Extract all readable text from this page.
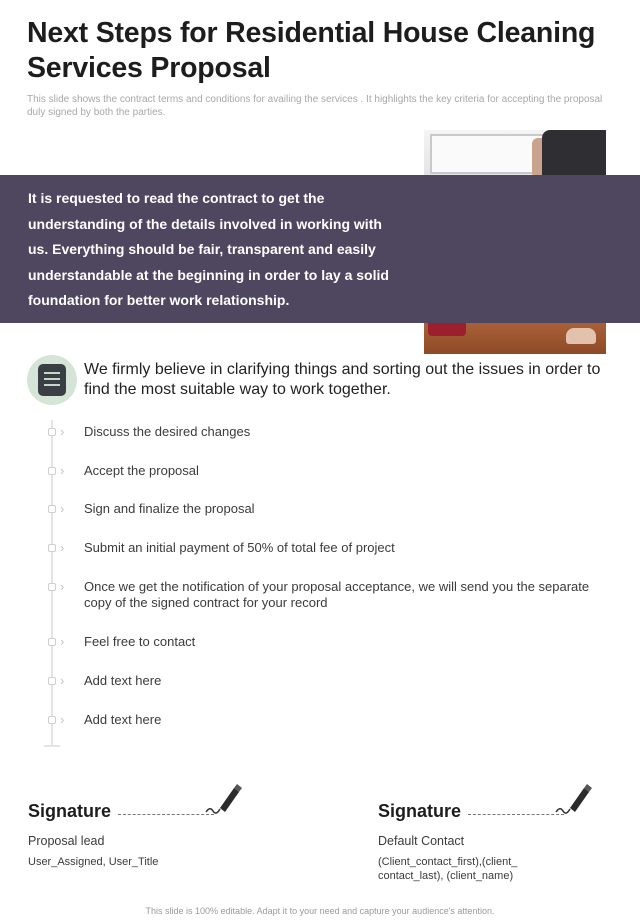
Next Steps for Residential House Cleaning Services Proposal
This slide shows the contract terms and conditions for availing the services . It highlights the key criteria for accepting the proposal duly signed by both the parties.
It is requested to read the contract to get the understanding of the details involved in working with us. Everything should be fair, transparent and easily understandable at the beginning in order to lay a solid foundation for better work relationship.
We firmly believe in clarifying things and sorting out the issues in order to find the most suitable way to work together.
› Discuss the desired changes
› Accept the proposal
› Sign and finalize the proposal
› Submit an initial payment of 50% of total fee of project
› Once we get the notification of your proposal acceptance, we will send you the separate copy of the signed contract for your record
› Feel free to contact
› Add text here
› Add text here
Signature
Proposal lead
User_Assigned, User_Title
Signature
Default Contact
(Client_contact_first),(client_ contact_last), (client_name)
This slide is 100% editable. Adapt it to your need and capture your audience's attention.
